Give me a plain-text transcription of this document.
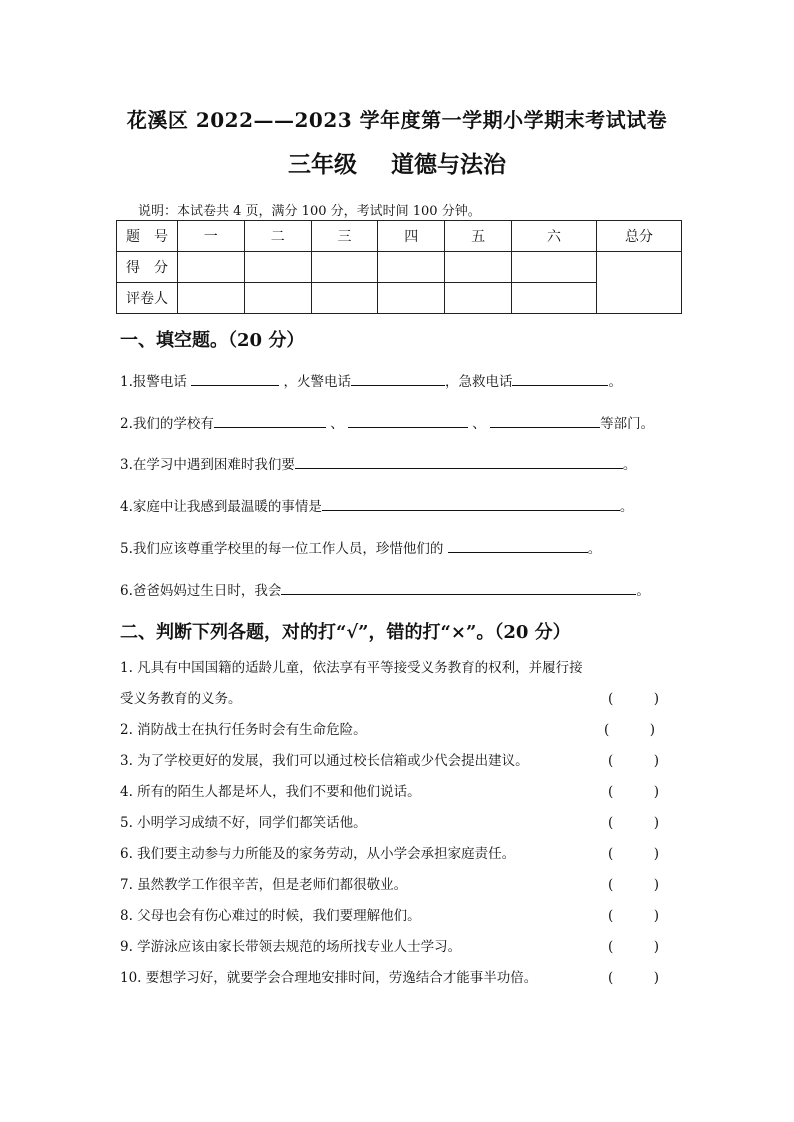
花溪区 2022——2023 学年度第一学期小学期末考试试卷
三年级 道德与法治
说明：本试卷共 4 页，满分 100 分，考试时间 100 分钟。
题　号	一	二	三	四	五	六	总分
得　分							
评卷人							
一、填空题。（20 分）
1.报警电话	，火警电话	，急救电话	。
2.我们的学校有	、	、	等部门。
3.在学习中遇到困难时我们要	。
4.家庭中让我感到最温暖的事情是	。
5.我们应该尊重学校里的每一位工作人员，珍惜他们的	。
6.爸爸妈妈过生日时，我会	。
二、判断下列各题，对的打“√”，错的打“×”。（20 分）
1. 凡具有中国国籍的适龄儿童，依法享有平等接受义务教育的权利，并履行接
受义务教育的义务。	(　　　)
2. 消防战士在执行任务时会有生命危险。	(　　　)
3. 为了学校更好的发展，我们可以通过校长信箱或少代会提出建议。	(　　　)
4. 所有的陌生人都是坏人，我们不要和他们说话。	(　　　)
5. 小明学习成绩不好，同学们都笑话他。	(　　　)
6. 我们要主动参与力所能及的家务劳动，从小学会承担家庭责任。	(　　　)
7. 虽然教学工作很辛苦，但是老师们都很敬业。	(　　　)
8. 父母也会有伤心难过的时候，我们要理解他们。	(　　　)
9. 学游泳应该由家长带领去规范的场所找专业人士学习。	(　　　)
10. 要想学习好，就要学会合理地安排时间，劳逸结合才能事半功倍。	(　　　)
